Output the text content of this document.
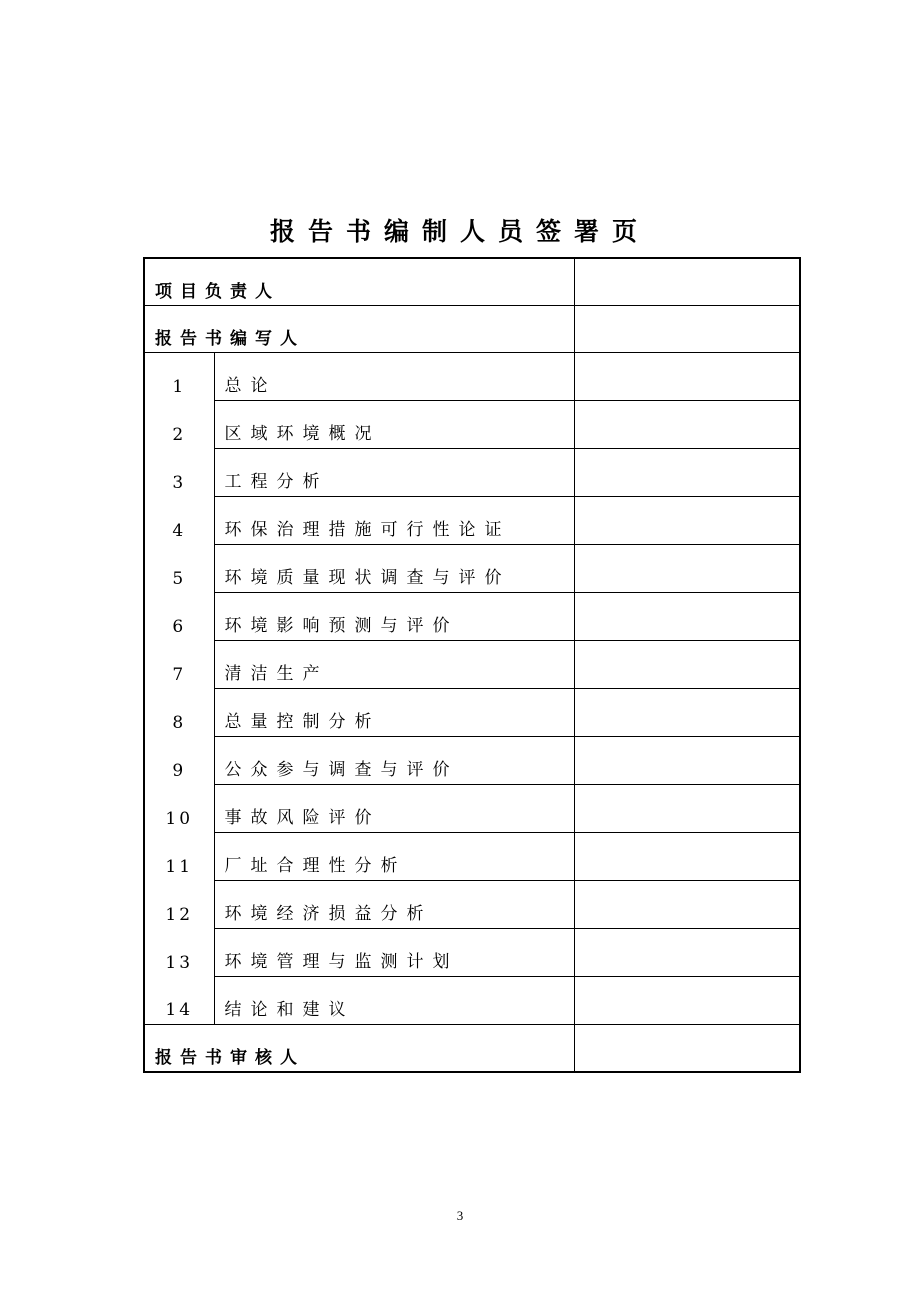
报告书编制人员签署页
项目负责人		
报告书编写人		
1	总论	
2	区域环境概况	
3	工程分析	
4	环保治理措施可行性论证	
5	环境质量现状调查与评价	
6	环境影响预测与评价	
7	清洁生产	
8	总量控制分析	
9	公众参与调查与评价	
10	事故风险评价	
11	厂址合理性分析	
12	环境经济损益分析	
13	环境管理与监测计划	
14	结论和建议	
报告书审核人		
3
